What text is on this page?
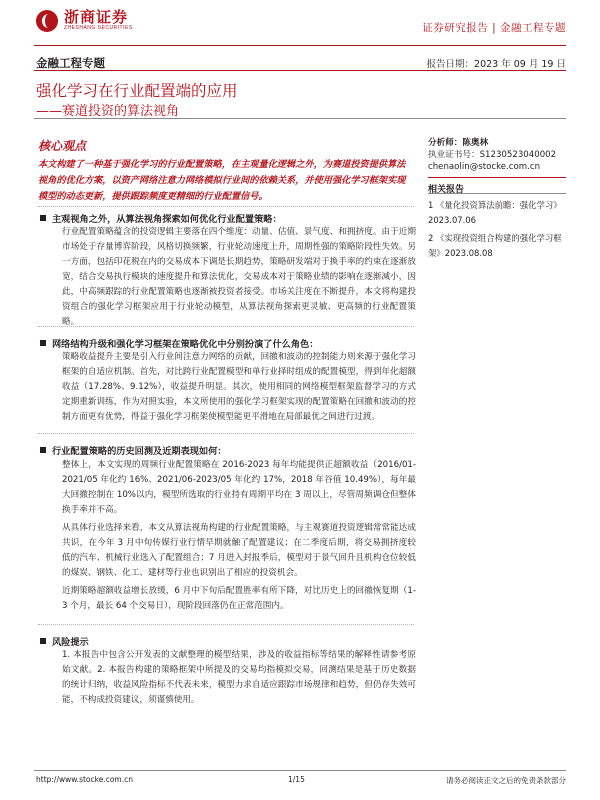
浙商证券
ZHESHANG SECURITIES	证券研究报告 | 金融工程专题
金融工程专题	报告日期：2023 年 09 月 19 日
强化学习在行业配置端的应用
——赛道投资的算法视角
核心观点
本文构建了一种基于强化学习的行业配置策略，在主观量化逻辑之外，为赛道投资提供算法视角的优化方案，以资产网络注意力网络模拟行业间的依赖关系，并使用强化学习框架实现模型的动态更新，提供跟踪频度更精细的行业配置信号。
主观视角之外，从算法视角探索如何优化行业配置策略：
行业配置策略蕴含的投资逻辑主要落在四个维度：动量、估值、景气度、和拥挤度。由于近期市场处于存量博弈阶段，风格切换频繁，行业轮动速度上升，周期性强的策略阶段性失效。另一方面，包括印花税在内的交易成本下调是长期趋势，策略研发端对于换手率的约束在逐渐放宽，结合交易执行模块的速度提升和算法优化，交易成本对于策略业绩的影响在逐渐减小，因此，中高频跟踪的行业配置策略也逐渐被投资者接受。市场关注度在不断提升，本文将构建投资组合的强化学习框架应用于行业轮动模型，从算法视角探索更灵敏、更高频的行业配置策略。
网络结构升级和强化学习框架在策略优化中分别扮演了什么角色：
策略收益提升主要是引入行业间注意力网络的贡献，回撤和波动的控制能力则来源于强化学习框架的自适应机制。首先，对比跨行业配置模型和单行业择时组成的配置模型，得到年化超额收益（17.28%、9.12%），收益提升明显。其次，使用相同的网络模型框架监督学习的方式定期重新训练，作为对照实验，本文所使用的强化学习框架实现的配置策略在回撤和波动的控制方面更有优势，得益于强化学习框架使模型能更平滑地在局部最优之间进行过渡。
行业配置策略的历史回测及近期表现如何：
整体上，本文实现的周频行业配置策略在 2016-2023 每年均能提供正超额收益（2016/01-2021/05 年化约 16%、2021/06-2023/05 年化约 17%，2018 年谷值 10.49%），每年最大回撤控制在 10%以内，模型所选取的行业持有周期平均在 3 周以上，尽管周频调仓但整体换手率并不高。
从具体行业选择来看，本文从算法视角构建的行业配置策略，与主观赛道投资逻辑常常能达成共识，在今年 3 月中旬传媒行业行情早期就触了配置建议；在二季度后期，将交易拥挤度较低的汽车、机械行业选入了配置组合；7 月进入封报季后，模型对于景气回升且机构仓位较低的煤炭、钢铁、化工、建材等行业也识别出了相应的投资机会。
近期策略超额收益增长放缓，6 月中下旬后配置胜率有所下降，对比历史上的回撤恢复期（1-3 个月，最长 64 个交易日），现阶段回落仍在正常范围内。
风险提示
1. 本报告中包含公开发表的文献整理的模型结果，涉及的收益指标等结果的解释性请参考原始文献。2. 本报告构建的策略框架中所提及的交易均指模拟交易，回测结果是基于历史数据的统计归纳，收益风险指标不代表未来，模型力求自适应跟踪市场规律和趋势，但仍存失效可能，不构成投资建议，须谨慎使用。
分析师：陈奥林
执业证书号：S1230523040002
chenaolin@stocke.com.cn
相关报告
1 《量化投资算法前瞻：强化学习》 2023.07.06
2 《实现投资组合构建的强化学习框架》2023.08.08
http://www.stocke.com.cn	1/15	请务必阅读正文之后的免责条款部分
